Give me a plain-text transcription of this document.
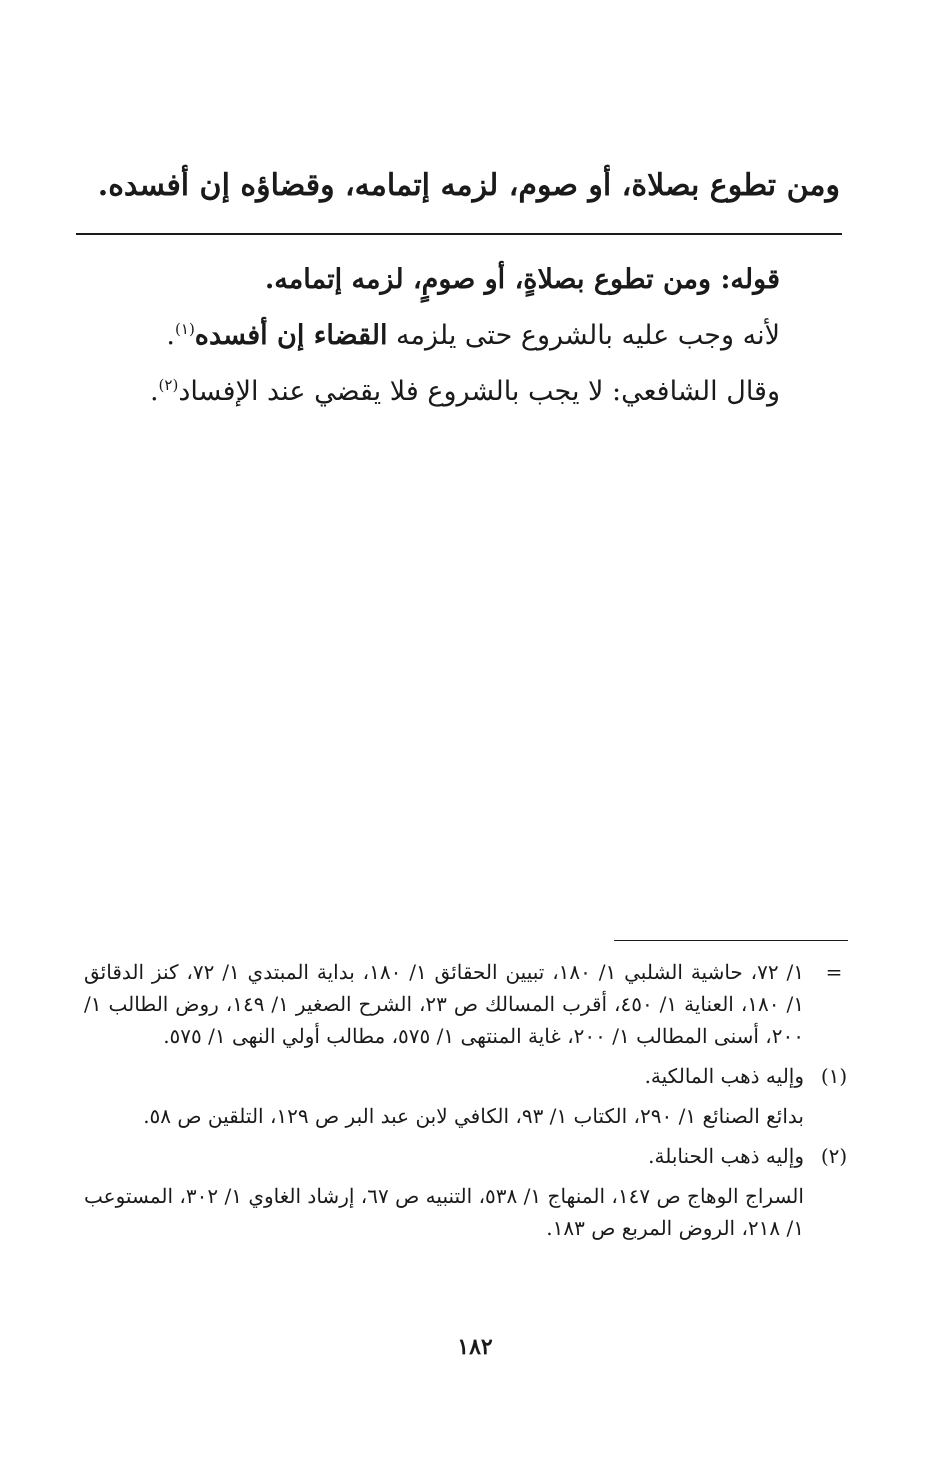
ومن تطوع بصلاة، أو صوم، لزمه إتمامه، وقضاؤه إن أفسده.
قوله: ومن تطوع بصلاةٍ، أو صومٍ، لزمه إتمامه.
لأنه وجب عليه بالشروع حتى يلزمه القضاء إن أفسده$^{(١)}$.
وقال الشافعي: لا يجب بالشروع فلا يقضي عند الإفساد$^{(٢)}$.
=
١/ ٧٢، حاشية الشلبي ١/ ١٨٠، تبيين الحقائق ١/ ١٨٠، بداية المبتدي ١/ ٧٢، كنز الدقائق ١/ ١٨٠، العناية ١/ ٤٥٠، أقرب المسالك ص ٢٣، الشرح الصغير ١/ ١٤٩، روض الطالب ١/ ٢٠٠، أسنى المطالب ١/ ٢٠٠، غاية المنتهى ١/ ٥٧٥، مطالب أولي النهى ١/ ٥٧٥.
(١)
وإليه ذهب المالكية.
بدائع الصنائع ١/ ٢٩٠، الكتاب ١/ ٩٣، الكافي لابن عبد البر ص ١٢٩، التلقين ص ٥٨.
(٢)
وإليه ذهب الحنابلة.
السراج الوهاج ص ١٤٧، المنهاج ١/ ٥٣٨، التنبيه ص ٦٧، إرشاد الغاوي ١/ ٣٠٢، المستوعب ١/ ٢١٨، الروض المربع ص ١٨٣.
١٨٢
